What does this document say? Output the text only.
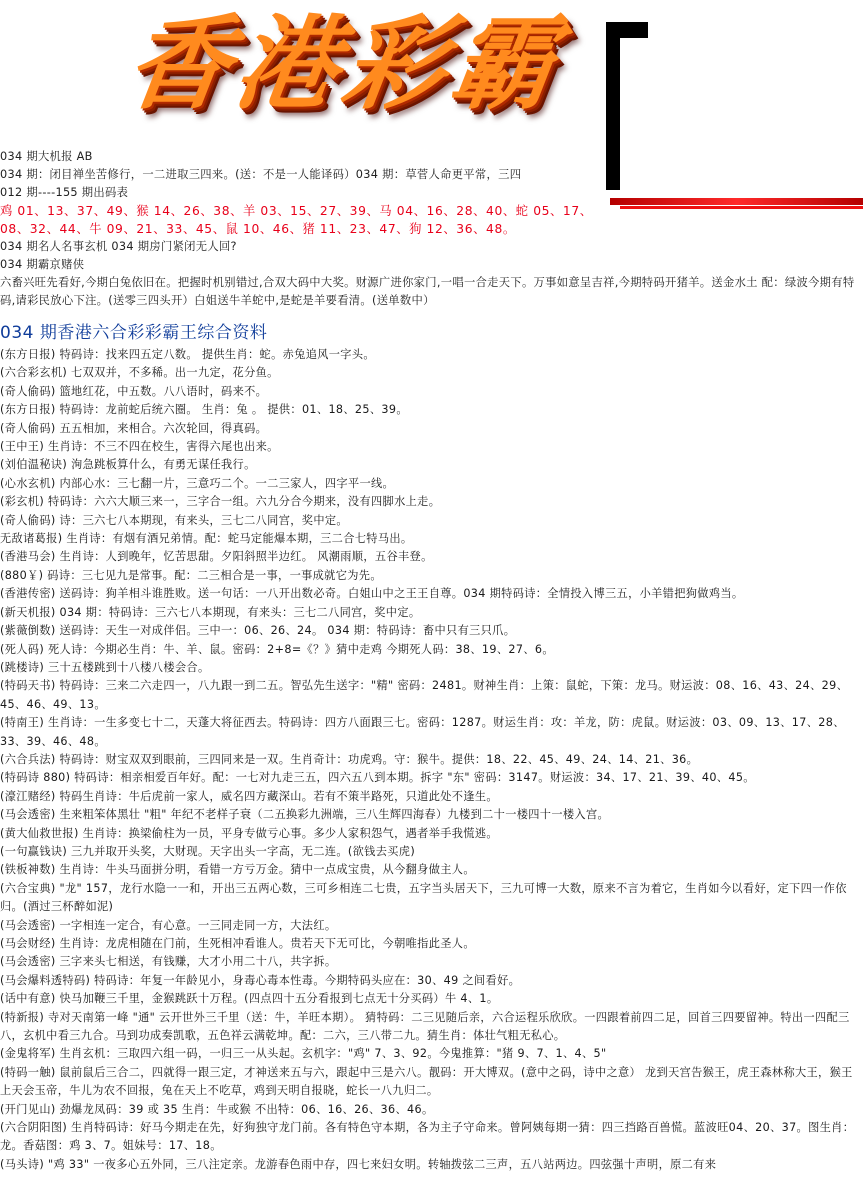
香港彩霸
034 期大机报 AB
034 期：闭目禅坐苦修行，一二进取三四来。(送：不是一人能译码）034 期：草菅人命更平常，三四
012 期----155 期出码表
鸡 01、13、37、49、猴 14、26、38、羊 03、15、27、39、马 04、16、28、40、蛇 05、17、
08、32、44、牛 09、21、33、45、鼠 10、46、猪 11、23、47、狗 12、36、48。
034 期名人名事玄机 034 期房门紧闭无人回?
034 期霸京赌侠
六畜兴旺先看好,今期白兔依旧在。把握时机别错过,合双大码中大奖。财源广进你家门,一唱一合走天下。万事如意呈吉祥,今期特码开猪羊。送金水土 配：绿波今期有特码,请彩民放心下注。(送零三四头开）白姐送牛羊蛇中,是蛇是羊要看清。(送单数中）
034 期香港六合彩彩霸王综合资料
(东方日报) 特码诗：找来四五定八数。 提供生肖：蛇。赤兔追风一字头。
(六合彩玄机) 七双双并，不多稀。出一九定，花分鱼。
(奇人偷码) 篮地红花，中五数。八八语时，码来不。
(东方日报) 特码诗：龙前蛇后统六圈。 生肖：兔 。 提供：01、18、25、39。
(奇人偷码) 五五相加，来相合。六次轮回，得真码。
(王中王) 生肖诗：不三不四在校生，害得六尾也出来。
(刘伯温秘诀) 洵急跳板算什么，有勇无谋任我行。
(心水玄机) 内部心水：三七翻一片，三意巧二个。一二三家人，四字平一线。
(彩玄机) 特码诗：六六大顺三来一，三字合一组。六九分合今期来，没有四脚水上走。
(奇人偷码) 诗：三六七八本期现，有来头，三七二八同宫，奖中定。
无敌诸葛报) 生肖诗：有烟有酒兄弟情。配：蛇马定能爆本期，三二合七特马出。
(香港马会) 生肖诗：人到晚年，忆苦思甜。夕阳斜照半边红。 风潮雨顺，五谷丰登。
(880￥) 码诗：三七见九是常事。配：二三相合是一事，一事成就它为先。
(香港传密) 送码诗：狗羊相斗谁胜败。送一句话：一八开出数必奇。白姐山中之王王自尊。034 期特码诗：全情投入博三五，小羊错把狗做鸡当。
(新天机报) 034 期：特码诗：三六七八本期现，有来头：三七二八同宫，奖中定。
(紫薇倒数) 送码诗：天生一对成伴侣。三中一：06、26、24。 034 期：特码诗：畜中只有三只爪。
(死人码) 死人诗：今期必生肖：牛、羊、鼠。密码：2+8=《？》猜中走鸡 今期死人码：38、19、27、6。
(跳楼诗) 三十五楼跳到十八楼八楼会合。
(特码天书) 特码诗：三来二六走四一，八九跟一到二五。智弘先生送字："精" 密码：2481。财神生肖：上策：鼠蛇，下策：龙马。财运波：08、16、43、24、29、45、46、49、13。
(特南王) 生肖诗：一生多变七十二，天蓬大将征西去。特码诗：四方八面跟三七。密码：1287。财运生肖：攻：羊龙，防：虎鼠。财运波：03、09、13、17、28、33、39、46、48。
(六合兵法) 特码诗：财宝双双到眼前，三四同来是一双。生肖奇计：功虎鸡。守：猴牛。提供：18、22、45、49、24、14、21、36。
(特码诗 880) 特码诗：相亲相爱百年好。配：一七对九走三五，四六五八到本期。拆字 "东" 密码：3147。财运波：34、17、21、39、40、45。
(濠江赌经) 特码生肖诗：牛后虎前一家人，威名四方藏深山。若有不策半路死，只道此处不逢生。
(马会透密) 生来粗笨体黑壮 "粗" 年纪不老样子衰（二五换彩九洲端，三八生辉四海春）九楼到二十一楼四十一楼入宫。
(黄大仙救世报) 生肖诗：换梁偷柱为一员，平身专做亏心事。多少人家积怨气，遇者举手我慌逃。
(一句赢钱诀) 三九并取开头奖，大财现。天字出头一字高，无二连。(欲钱去买虎)
(铁板神数) 生肖诗：牛头马面拼分明，看错一方亏万金。猜中一点成宝贵，从今翻身做主人。
(六合宝典) "龙" 157，龙行水隐一一和，开出三五两心数，三可乡相连二七贵，五字当头居天下，三九可博一大数，原来不言为着它，生肖如今以看好，定下四一作依归。(酒过三杯醉如泥)
(马会透密) 一字相连一定合，有心意。一三同走同一方，大法红。
(马会财经) 生肖诗：龙虎相随在门前，生死相冲看谁人。贵若天下无可比，今朝唯指此圣人。
(马会透密) 三字来头七相送，有钱赚，大才小用二十八，共字拆。
(马会爆料透特码) 特码诗：年复一年龄见小，身毒心毒本性毒。今期特码头应在：30、49 之间看好。
(话中有意) 快马加鞭三千里，金猴跳跃十万程。(四点四十五分看报到七点无十分买码）牛 4、1。
(特新报) 寺对天南第一峰 "通" 云开世外三千里（送：牛，羊旺本期）。 猜特码：二三见随后亲，六合运程乐欣欣。一四跟着前四二足，回首三四要留神。特出一四配三八，玄机中看三九合。马到功成奏凯歌，五色祥云满乾坤。配：二六，三八带二九。猜生肖：体壮气粗无私心。
(金鬼将军) 生肖玄机：三取四六组一码，一归三一从头起。玄机字："鸡" 7、3、92。今鬼推算："猪 9、7、1、4、5"
(特码一触) 鼠前鼠后三合二，四就得一跟三定，才神送来五与六，跟起中三是六八。靓码：开大博双。(意中之码，诗中之意） 龙到天宫告猴王，虎王森林称大王，猴王上天会玉帝，牛儿为农不回报，兔在天上不吃草，鸡到天明自报晓，蛇长一八九归二。
(开门见山) 劲爆龙凤码：39 或 35 生肖：牛或猴 不出特：06、16、26、36、46。
(六合阴阳图) 生肖特码诗：好马今期走在先，好狗独守龙门前。各有特色守本期，各为主子守命来。曾阿姨每期一猜：四三挡路百兽慌。蓝波旺04、20、37。图生肖：龙。香菇图：鸡 3、7。姐妹号：17、18。
(马头诗) "鸡 33" 一夜多心五外同，三八注定亲。龙游春色雨中存，四七来妇女明。转轴拨弦二三声，五八站两边。四弦强十声明，原二有来
